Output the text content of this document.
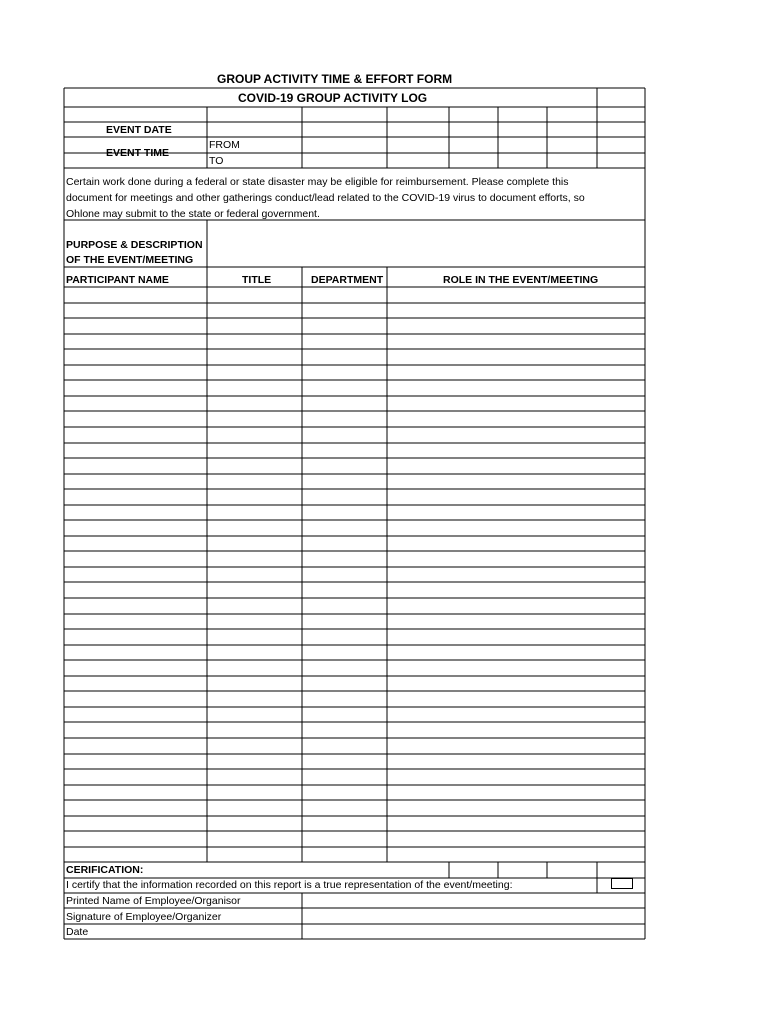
GROUP ACTIVITY TIME & EFFORT FORM
COVID-19 GROUP ACTIVITY LOG
EVENT DATE
EVENT TIME
FROM
TO
Certain work done during a federal or state disaster may be eligible for reimbursement. Please complete this
document for meetings and other gatherings conduct/lead related to the COVID-19 virus to document efforts, so
Ohlone may submit to the state or federal government.
PURPOSE & DESCRIPTION
OF THE EVENT/MEETING
PARTICIPANT NAME	TITLE	DEPARTMENT	ROLE IN THE EVENT/MEETING
CERIFICATION:
I certify that the information recorded on this report is a true representation of the event/meeting:
Printed Name of Employee/Organisor
Signature of Employee/Organizer
Date
